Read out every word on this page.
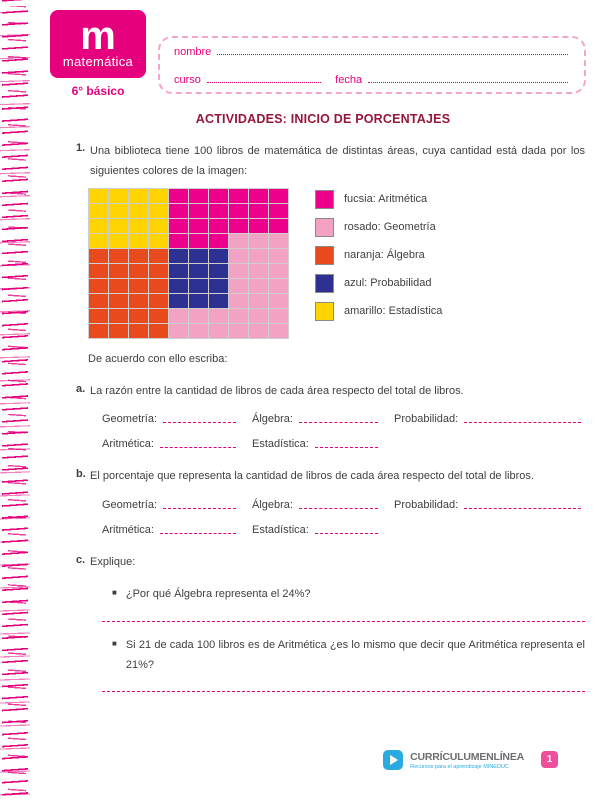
m
matemática
6° básico
nombre
curso	fecha
ACTIVIDADES: INICIO DE PORCENTAJES
1. Una biblioteca tiene 100 libros de matemática de distintas áreas, cuya cantidad está dada por los siguientes colores de la imagen:
fucsia: Aritmética
rosado: Geometría
naranja: Álgebra
azul: Probabilidad
amarillo: Estadística
De acuerdo con ello escriba:
a. La razón entre la cantidad de libros de cada área respecto del total de libros.
Geometría:	Álgebra:	Probabilidad:
Aritmética:	Estadística:
b. El porcentaje que representa la cantidad de libros de cada área respecto del total de libros.
Geometría:	Álgebra:	Probabilidad:
Aritmética:	Estadística:
c. Explique:
■ ¿Por qué Álgebra representa el 24%?
■ Si 21 de cada 100 libros es de Aritmética ¿es lo mismo que decir que Aritmética representa el 21%?
CURRÍCULUMENLÍNEA
Recursos para el aprendizaje MINEDUC
1
